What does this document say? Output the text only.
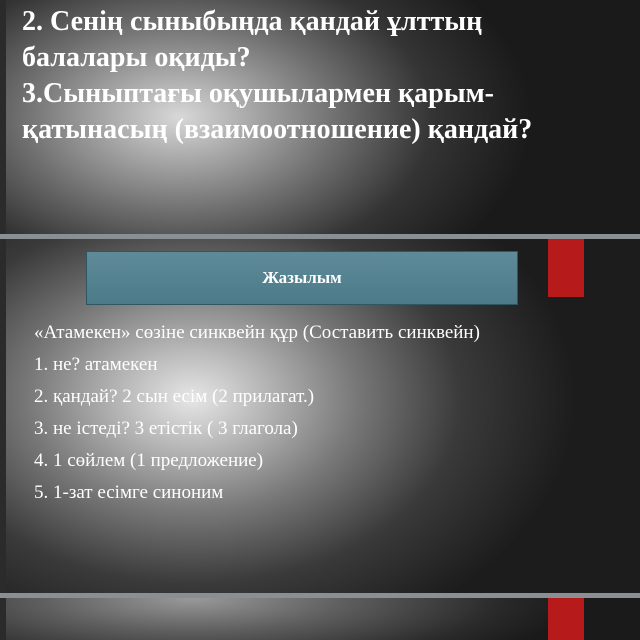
2. Сенің сыныбыңда қандай ұлттың
балалары оқиды?
3.Сыныптағы оқушылармен қарым-
қатынасың (взаимоотношение) қандай?

Жазылым
«Атамекен» сөзіне синквейн құр (Составить синквейн)
1. не? атамекен
2. қандай? 2 сын есім (2 прилагат.)
3. не істеді? 3 етістік ( 3 глагола)
4. 1 сөйлем (1 предложение)
5. 1-зат есімге синоним
